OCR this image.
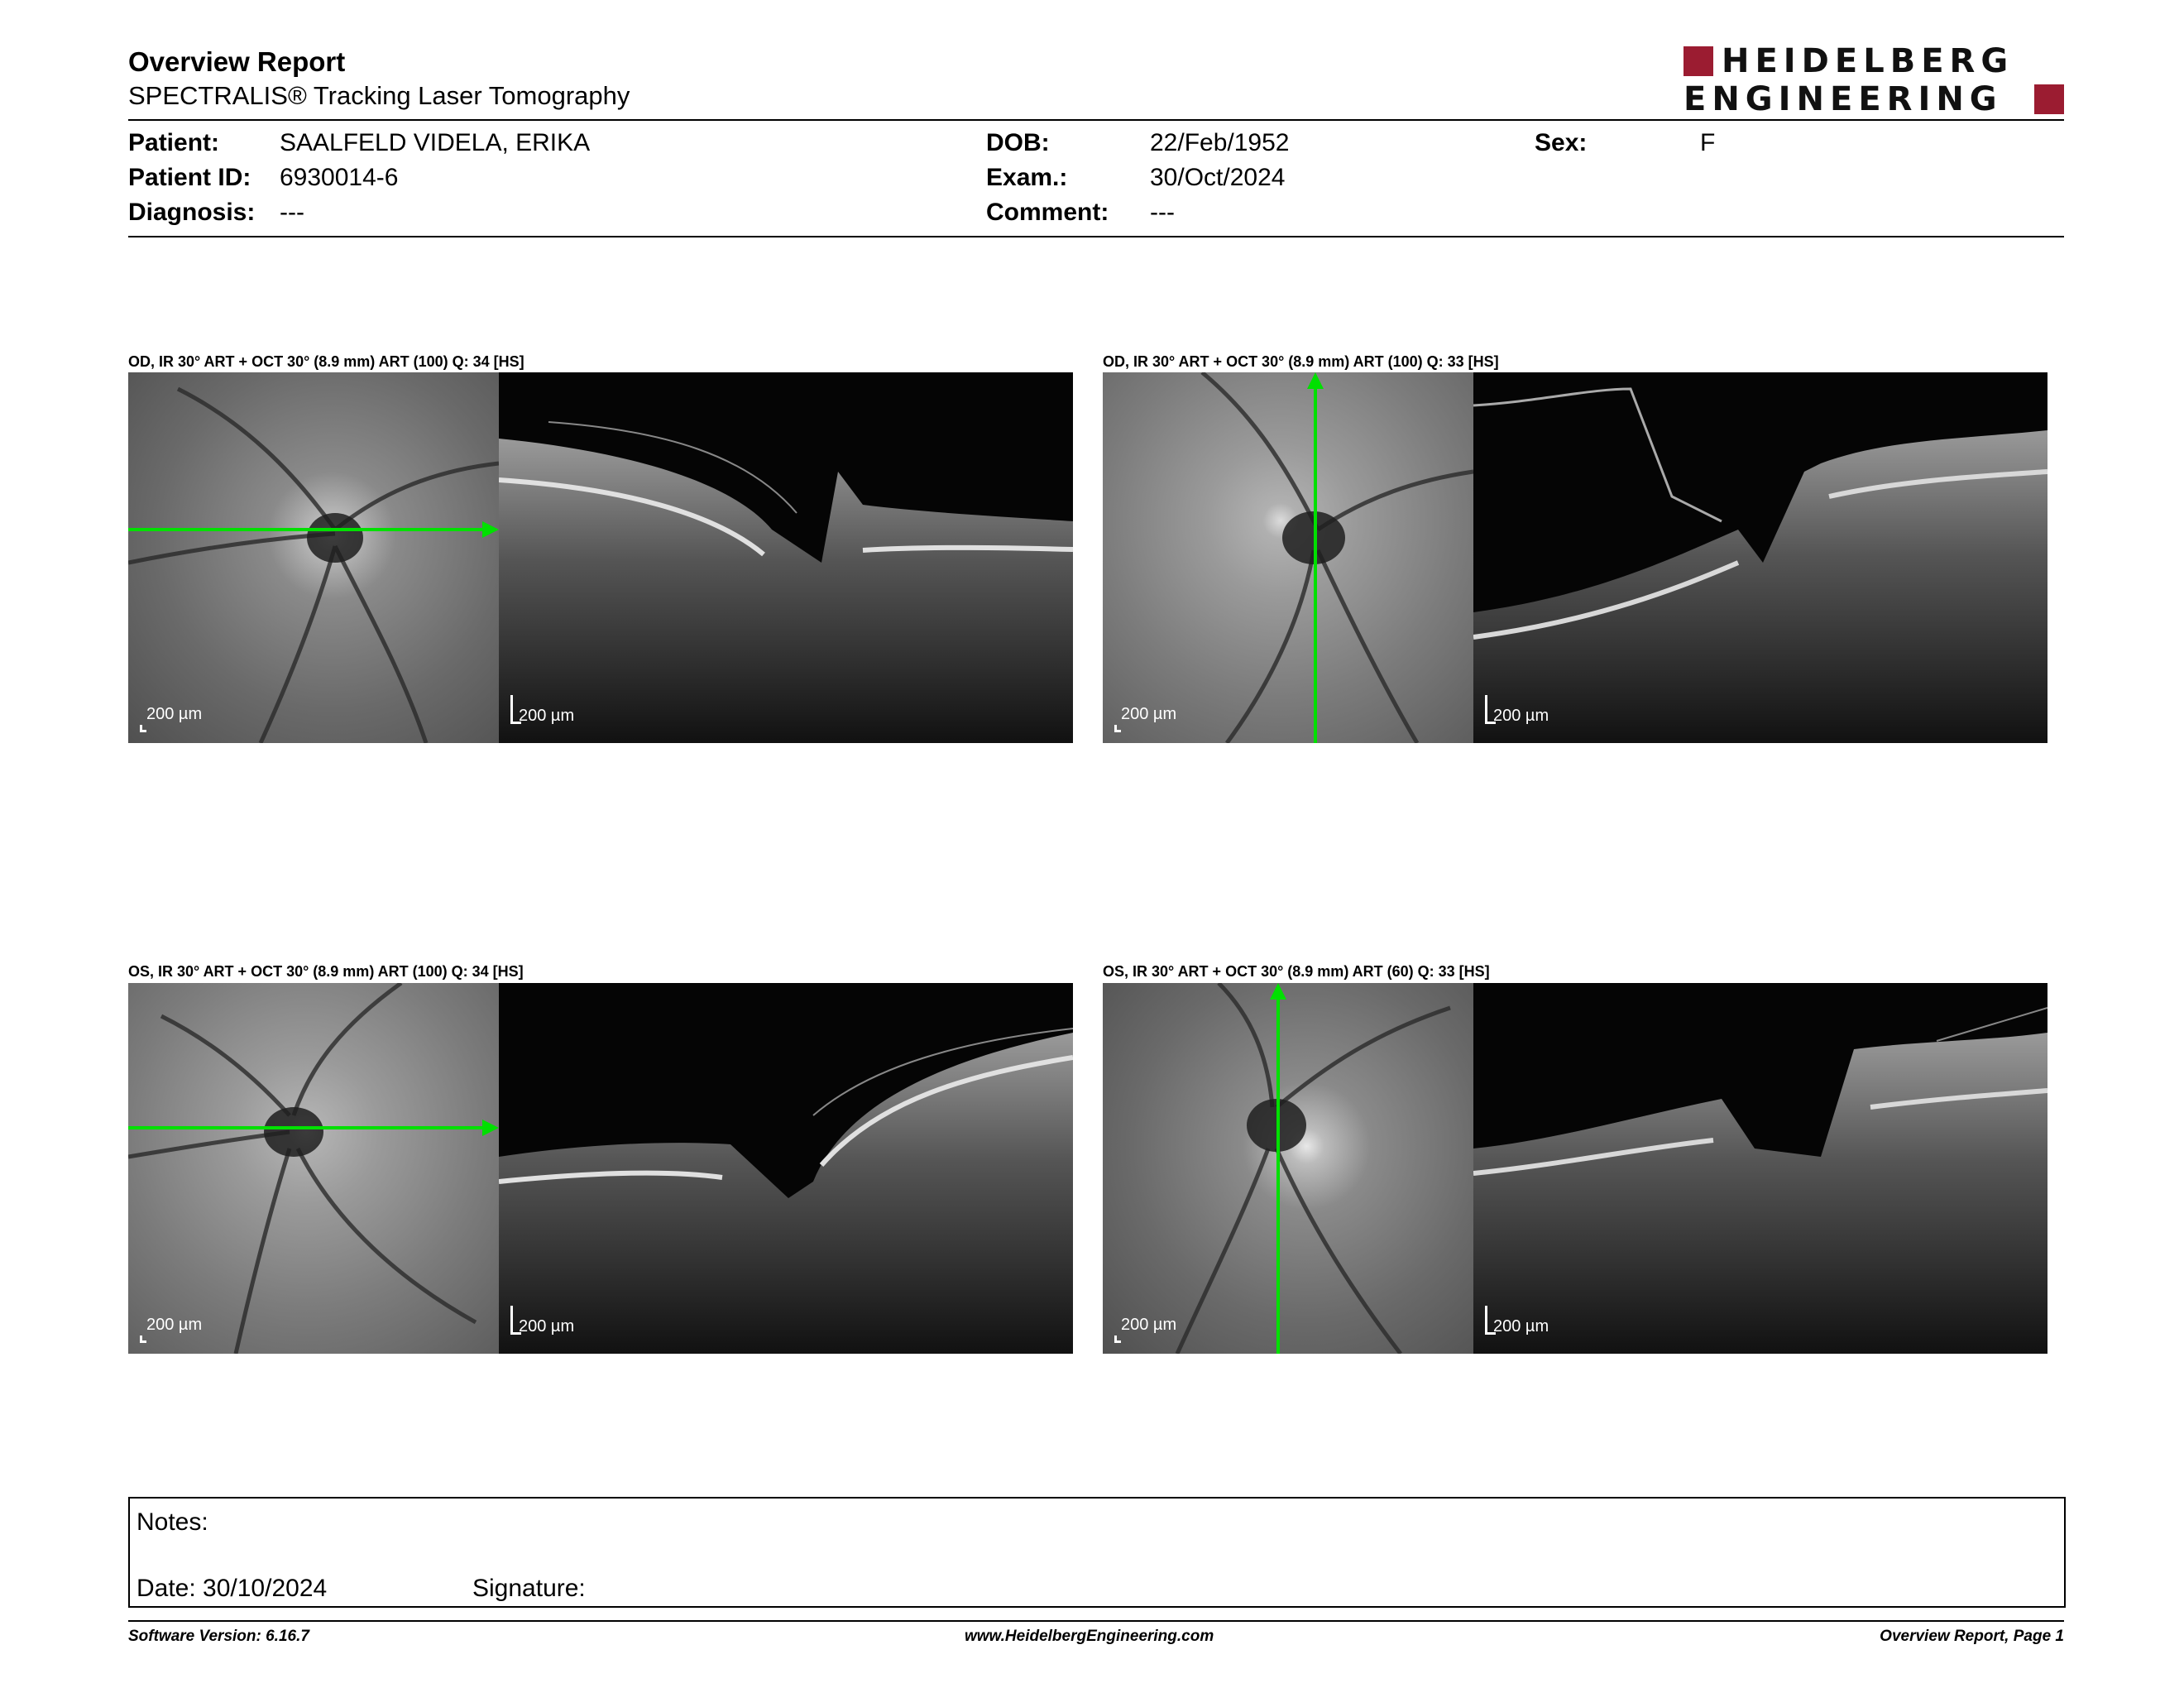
Overview Report
SPECTRALIS® Tracking Laser Tomography
HEIDELBERG
ENGINEERING
Patient: SAALFELD VIDELA, ERIKA
Patient ID: 6930014-6
Diagnosis: ---
DOB:	22/Feb/1952
Exam.:	30/Oct/2024
Comment: ---
Sex:	F
OD, IR 30° ART + OCT 30° (8.9 mm) ART (100) Q: 34 [HS]
200 µm	200 µm
OD, IR 30° ART + OCT 30° (8.9 mm) ART (100) Q: 33 [HS]
200 µm	200 µm
OS, IR 30° ART + OCT 30° (8.9 mm) ART (100) Q: 34 [HS]
200 µm	200 µm
OS, IR 30° ART + OCT 30° (8.9 mm) ART (60) Q: 33 [HS]
200 µm	200 µm
Notes:
Date: 30/10/2024	Signature:
Software Version: 6.16.7	www.HeidelbergEngineering.com	Overview Report, Page 1
